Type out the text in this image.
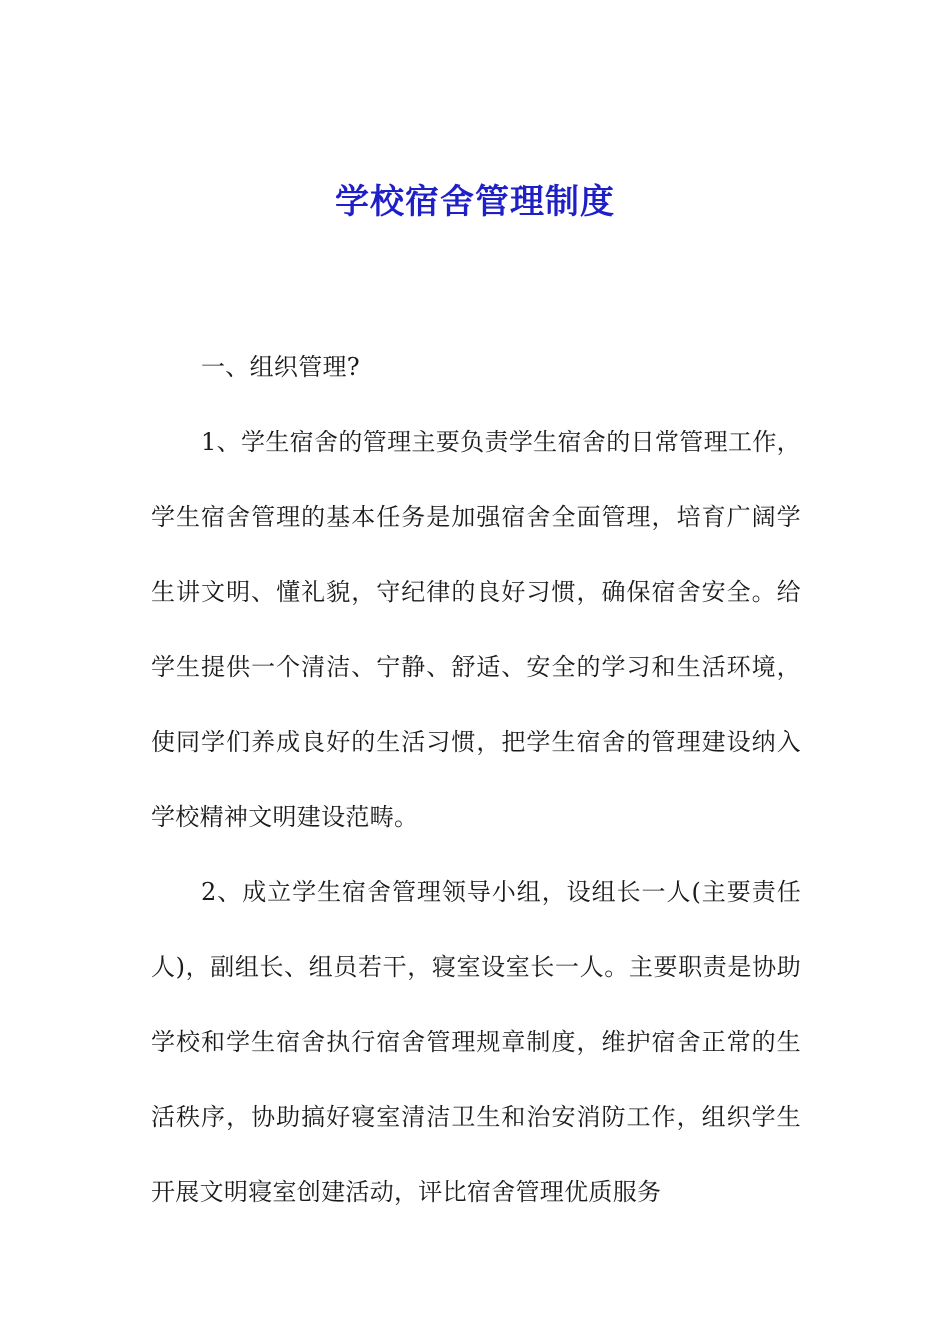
学校宿舍管理制度

一、组织管理?

1、学生宿舍的管理主要负责学生宿舍的日常管理工作，学生宿舍管理的基本任务是加强宿舍全面管理，培育广阔学生讲文明、懂礼貌，守纪律的良好习惯，确保宿舍安全。给学生提供一个清洁、宁静、舒适、安全的学习和生活环境，使同学们养成良好的生活习惯，把学生宿舍的管理建设纳入学校精神文明建设范畴。

2、成立学生宿舍管理领导小组，设组长一人(主要责任人)，副组长、组员若干，寝室设室长一人。主要职责是协助学校和学生宿舍执行宿舍管理规章制度，维护宿舍正常的生活秩序，协助搞好寝室清洁卫生和治安消防工作，组织学生开展文明寝室创建活动，评比宿舍管理优质服务
